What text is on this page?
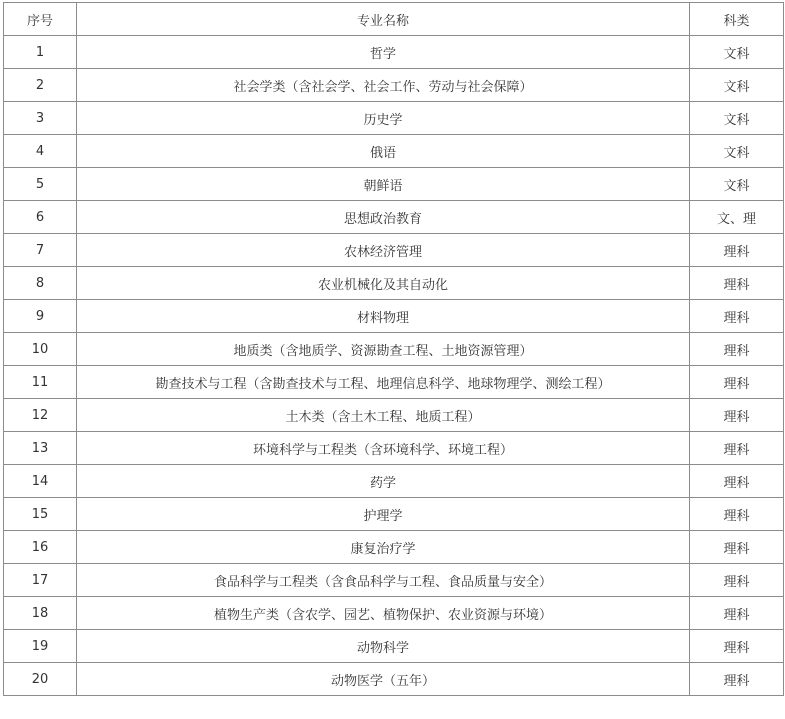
序号	专业名称	科类
1	哲学	文科
2	社会学类（含社会学、社会工作、劳动与社会保障）	文科
3	历史学	文科
4	俄语	文科
5	朝鲜语	文科
6	思想政治教育	文、理
7	农林经济管理	理科
8	农业机械化及其自动化	理科
9	材料物理	理科
10	地质类（含地质学、资源勘查工程、土地资源管理）	理科
11	勘查技术与工程（含勘查技术与工程、地理信息科学、地球物理学、测绘工程）	理科
12	土木类（含土木工程、地质工程）	理科
13	环境科学与工程类（含环境科学、环境工程）	理科
14	药学	理科
15	护理学	理科
16	康复治疗学	理科
17	食品科学与工程类（含食品科学与工程、食品质量与安全）	理科
18	植物生产类（含农学、园艺、植物保护、农业资源与环境）	理科
19	动物科学	理科
20	动物医学（五年）	理科
